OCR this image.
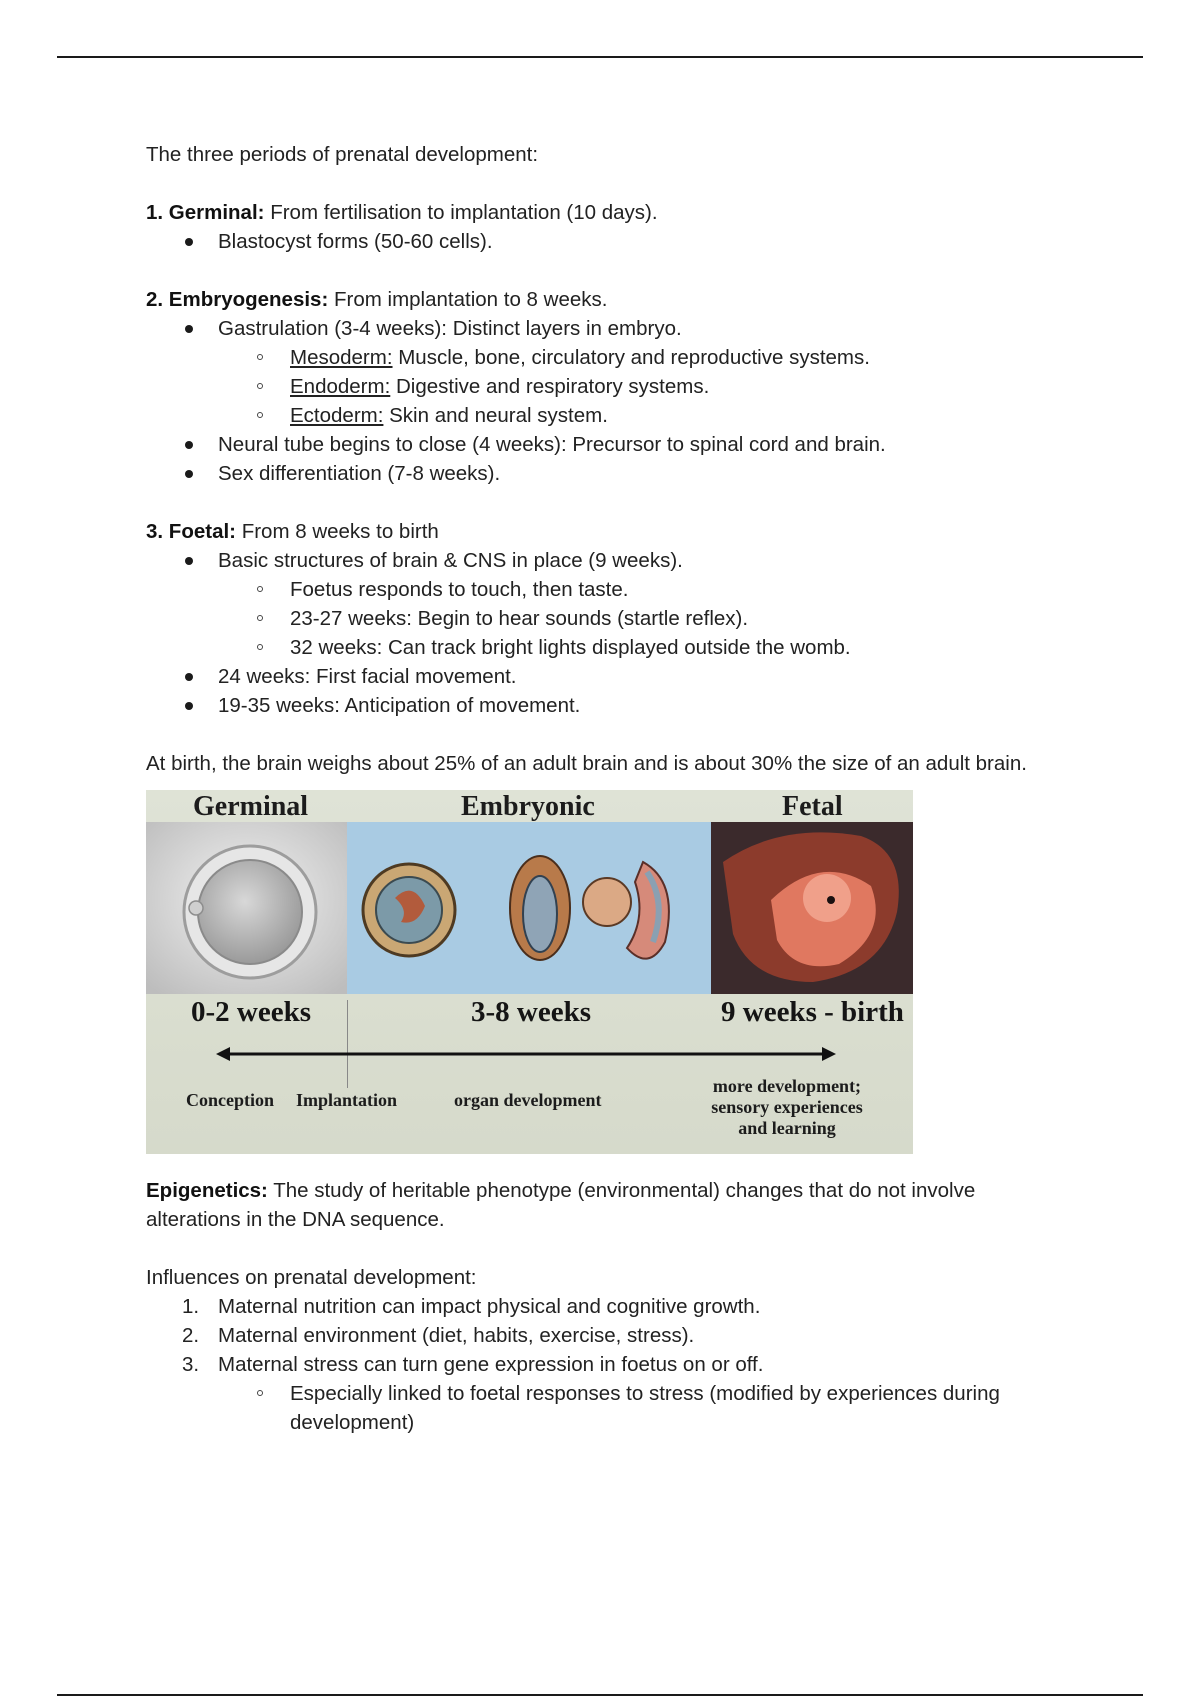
The three periods of prenatal development:

1. Germinal: From fertilisation to implantation (10 days).

Blastocyst forms (50-60 cells).

2. Embryogenesis: From implantation to 8 weeks.

Gastrulation (3-4 weeks): Distinct layers in embryo.

Mesoderm: Muscle, bone, circulatory and reproductive systems.

Endoderm: Digestive and respiratory systems.

Ectoderm: Skin and neural system.

Neural tube begins to close (4 weeks): Precursor to spinal cord and brain.

Sex differentiation (7-8 weeks).

3. Foetal: From 8 weeks to birth

Basic structures of brain & CNS in place (9 weeks).

Foetus responds to touch, then taste.

23-27 weeks: Begin to hear sounds (startle reflex).

32 weeks: Can track bright lights displayed outside the womb.

24 weeks: First facial movement.

19-35 weeks: Anticipation of movement.

At birth, the brain weighs about 25% of an adult brain and is about 30% the size of an adult brain.

Germinal	Embryonic	Fetal
0-2 weeks	3-8 weeks	9 weeks - birth
Conception Implantation	organ development
more development;
sensory experiences
and learning

Epigenetics: The study of heritable phenotype (environmental) changes that do not involve alterations in the DNA sequence.

Influences on prenatal development:

1. Maternal nutrition can impact physical and cognitive growth.

2. Maternal environment (diet, habits, exercise, stress).

3. Maternal stress can turn gene expression in foetus on or off.

Especially linked to foetal responses to stress (modified by experiences during development)
